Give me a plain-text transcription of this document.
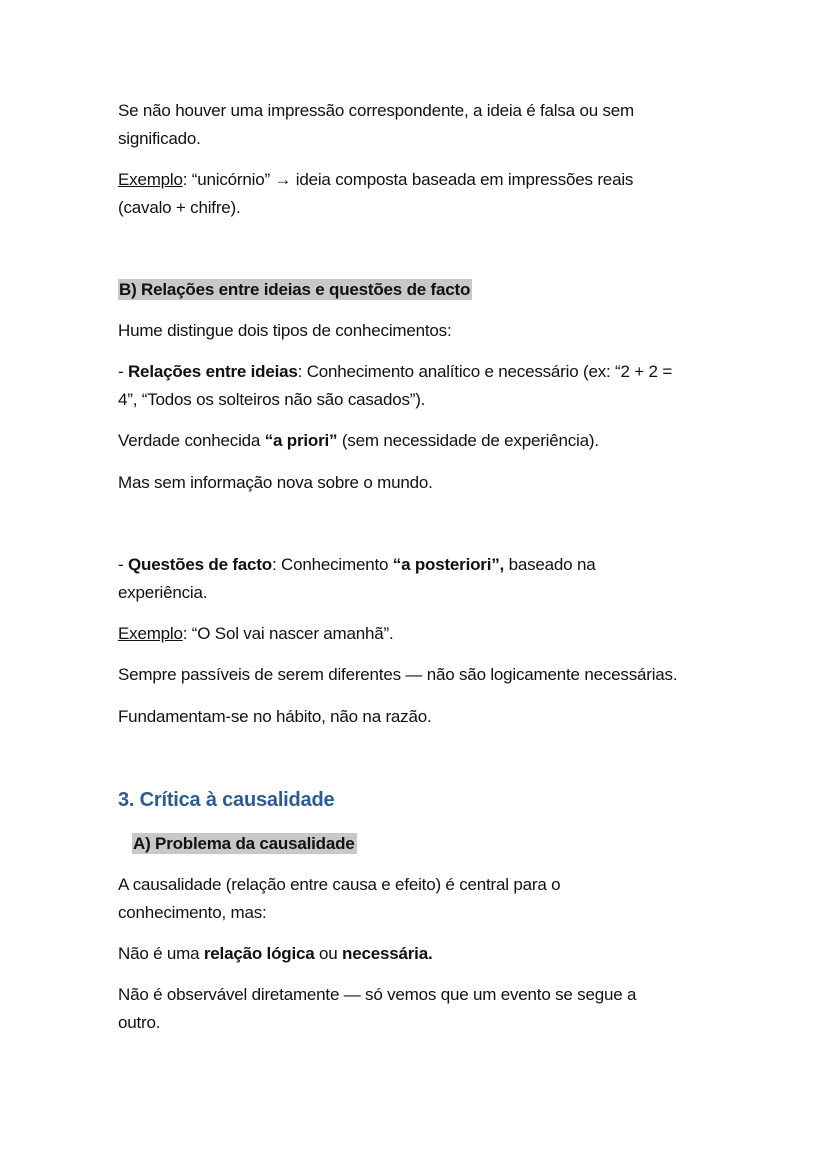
Se não houver uma impressão correspondente, a ideia é falsa ou sem
significado.
Exemplo: “unicórnio” → ideia composta baseada em impressões reais
(cavalo + chifre).
B) Relações entre ideias e questões de facto
Hume distingue dois tipos de conhecimentos:
- Relações entre ideias: Conhecimento analítico e necessário (ex: “2 + 2 =
4”, “Todos os solteiros não são casados”).
Verdade conhecida “a priori” (sem necessidade de experiência).
Mas sem informação nova sobre o mundo.
- Questões de facto: Conhecimento “a posteriori”, baseado na
experiência.
Exemplo: “O Sol vai nascer amanhã”.
Sempre passíveis de serem diferentes — não são logicamente necessárias.
Fundamentam-se no hábito, não na razão.
3. Crítica à causalidade
A) Problema da causalidade
A causalidade (relação entre causa e efeito) é central para o
conhecimento, mas:
Não é uma relação lógica ou necessária.
Não é observável diretamente — só vemos que um evento se segue a
outro.
